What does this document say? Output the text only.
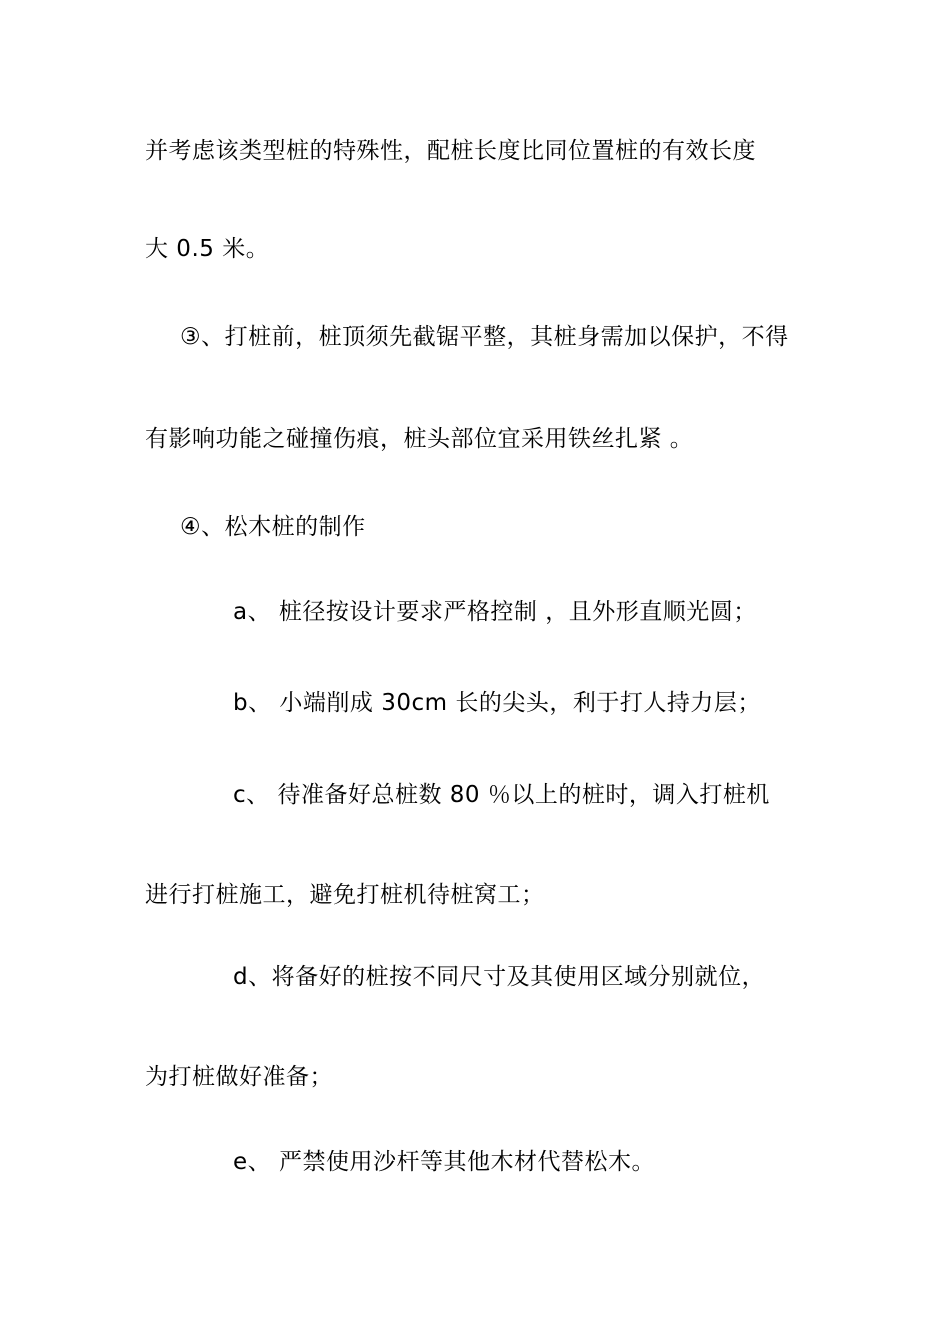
并考虑该类型桩的特殊性，配桩长度比同位置桩的有效长度
大 0.5 米。
③、打桩前，桩顶须先截锯平整，其桩身需加以保护，不得
有影响功能之碰撞伤痕，桩头部位宜采用铁丝扎紧 。
④、松木桩的制作
a、 桩径按设计要求严格控制 ，且外形直顺光圆；
b、 小端削成 30cm 长的尖头，利于打人持力层；
c、 待准备好总桩数 80 ％以上的桩时，调入打桩机
进行打桩施工，避免打桩机待桩窝工；
d、将备好的桩按不同尺寸及其使用区域分别就位，
为打桩做好准备；
e、 严禁使用沙杆等其他木材代替松木。
